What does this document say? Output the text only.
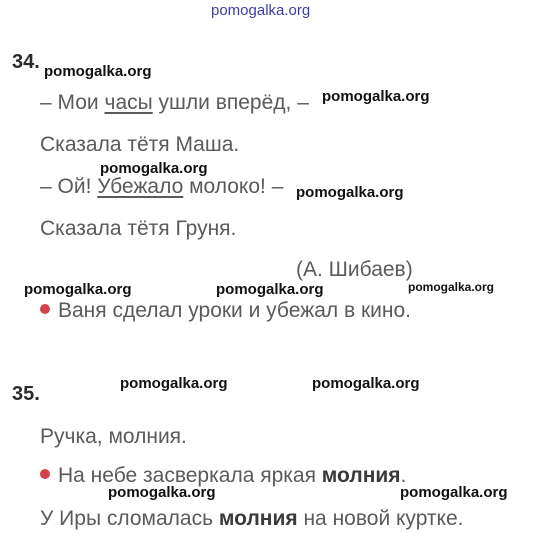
pomogalka.org
34. pomogalka.org
– Мои часы ушли вперёд, – pomogalka.org
Сказала тётя Маша.
pomogalka.org
– Ой! Убежало молоко! – pomogalka.org
Сказала тётя Груня.
(А. Шибаев)
pomogalka.org	pomogalka.org	pomogalka.org
Ваня сделал уроки и убежал в кино.
35.	pomogalka.org	pomogalka.org
Ручка, молния.
На небе засверкала яркая молния.
pomogalka.org	pomogalka.org
У Иры сломалась молния на новой куртке.
